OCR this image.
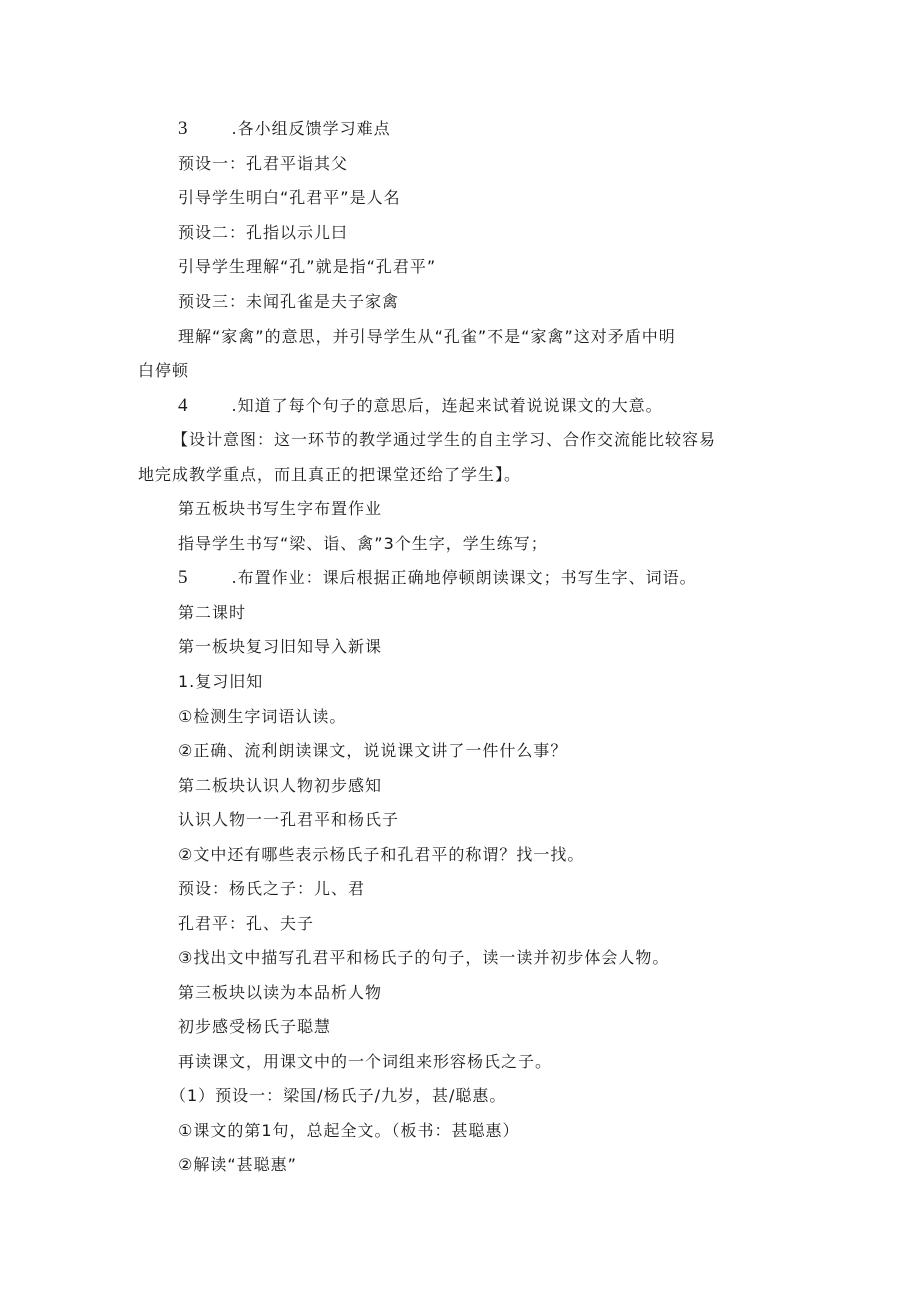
3	.各小组反馈学习难点
预设一：孔君平诣其父
引导学生明白“孔君平”是人名
预设二：孔指以示儿曰
引导学生理解“孔”就是指“孔君平”
预设三：未闻孔雀是夫子家禽
理解“家禽”的意思，并引导学生从“孔雀”不是“家禽”这对矛盾中明
白停顿
4	.知道了每个句子的意思后，连起来试着说说课文的大意。
【设计意图：这一环节的教学通过学生的自主学习、合作交流能比较容易
地完成教学重点，而且真正的把课堂还给了学生】。
第五板块书写生字布置作业
指导学生书写“梁、诣、禽”3个生字，学生练写；
5	.布置作业：课后根据正确地停顿朗读课文；书写生字、词语。
第二课时
第一板块复习旧知导入新课
1.复习旧知
①检测生字词语认读。
②正确、流利朗读课文，说说课文讲了一件什么事？
第二板块认识人物初步感知
认识人物一一孔君平和杨氏子
②文中还有哪些表示杨氏子和孔君平的称谓？找一找。
预设：杨氏之子：儿、君
孔君平：孔、夫子
③找出文中描写孔君平和杨氏子的句子，读一读并初步体会人物。
第三板块以读为本品析人物
初步感受杨氏子聪慧
再读课文，用课文中的一个词组来形容杨氏之子。
（1）预设一：梁国/杨氏子/九岁，甚/聪惠。
①课文的第1句，总起全文。（板书：甚聪惠）
②解读“甚聪惠”
